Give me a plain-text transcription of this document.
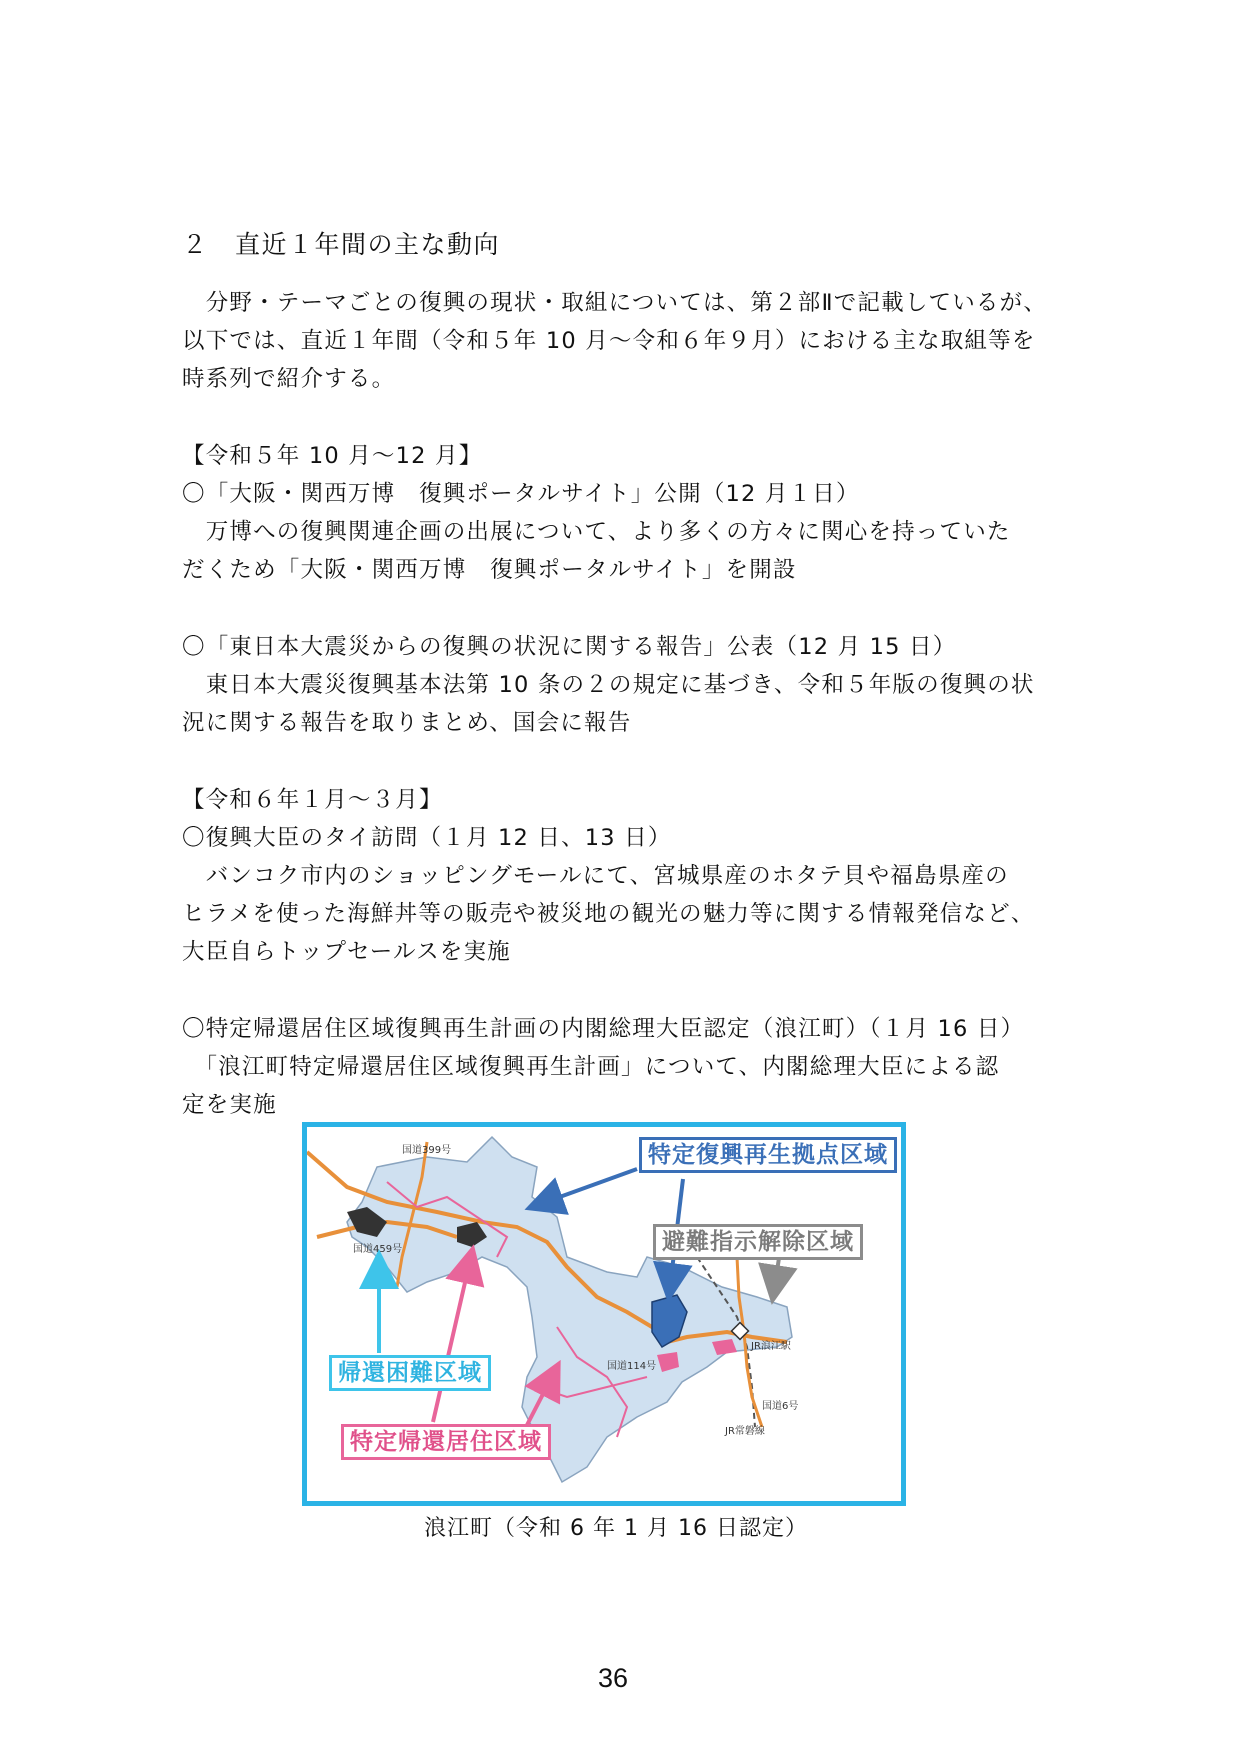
２　直近１年間の主な動向
　分野・テーマごとの復興の現状・取組については、第２部Ⅱで記載しているが、
以下では、直近１年間（令和５年 10 月～令和６年９月）における主な取組等を
時系列で紹介する。
【令和５年 10 月～12 月】
〇「大阪・関西万博　復興ポータルサイト」公開（12 月１日）
　万博への復興関連企画の出展について、より多くの方々に関心を持っていた
だくため「大阪・関西万博　復興ポータルサイト」を開設
〇「東日本大震災からの復興の状況に関する報告」公表（12 月 15 日）
　東日本大震災復興基本法第 10 条の２の規定に基づき、令和５年版の復興の状
況に関する報告を取りまとめ、国会に報告
【令和６年１月～３月】
〇復興大臣のタイ訪問（１月 12 日、13 日）
　バンコク市内のショッピングモールにて、宮城県産のホタテ貝や福島県産の
ヒラメを使った海鮮丼等の販売や被災地の観光の魅力等に関する情報発信など、
大臣自らトップセールスを実施
〇特定帰還居住区域復興再生計画の内閣総理大臣認定（浪江町）（１月 16 日）
　「浪江町特定帰還居住区域復興再生計画」について、内閣総理大臣による認
定を実施
国道399号
国道459号
国道114号
JR浪江駅
国道6号
JR常磐線
特定復興再生拠点区域
避難指示解除区域
帰還困難区域
特定帰還居住区域
浪江町（令和 6 年 1 月 16 日認定）
36
